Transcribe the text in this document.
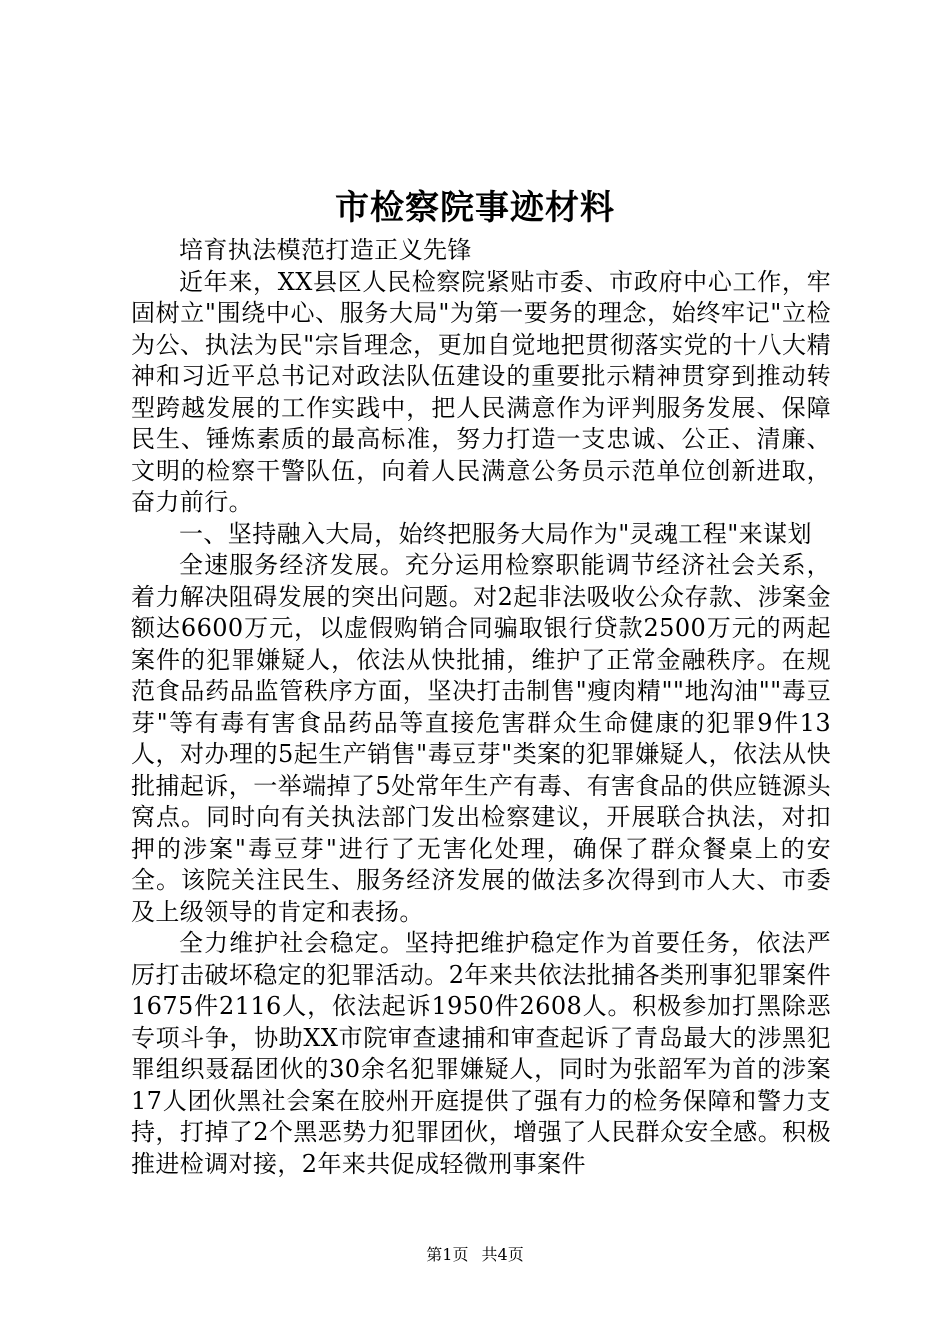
市检察院事迹材料

培育执法模范打造正义先锋

近年来，XX县区人民检察院紧贴市委、市政府中心工作，牢固树立"围绕中心、服务大局"为第一要务的理念，始终牢记"立检为公、执法为民"宗旨理念，更加自觉地把贯彻落实党的十八大精神和习近平总书记对政法队伍建设的重要批示精神贯穿到推动转型跨越发展的工作实践中，把人民满意作为评判服务发展、保障民生、锤炼素质的最高标准，努力打造一支忠诚、公正、清廉、文明的检察干警队伍，向着人民满意公务员示范单位创新进取，奋力前行。

一、坚持融入大局，始终把服务大局作为"灵魂工程"来谋划

全速服务经济发展。充分运用检察职能调节经济社会关系，着力解决阻碍发展的突出问题。对2起非法吸收公众存款、涉案金额达6600万元，以虚假购销合同骗取银行贷款2500万元的两起案件的犯罪嫌疑人，依法从快批捕，维护了正常金融秩序。在规范食品药品监管秩序方面，坚决打击制售"瘦肉精""地沟油""毒豆芽"等有毒有害食品药品等直接危害群众生命健康的犯罪9件13人，对办理的5起生产销售"毒豆芽"类案的犯罪嫌疑人，依法从快批捕起诉，一举端掉了5处常年生产有毒、有害食品的供应链源头窝点。同时向有关执法部门发出检察建议，开展联合执法，对扣押的涉案"毒豆芽"进行了无害化处理，确保了群众餐桌上的安全。该院关注民生、服务经济发展的做法多次得到市人大、市委及上级领导的肯定和表扬。

全力维护社会稳定。坚持把维护稳定作为首要任务，依法严厉打击破坏稳定的犯罪活动。2年来共依法批捕各类刑事犯罪案件1675件2116人，依法起诉1950件2608人。积极参加打黑除恶专项斗争，协助XX市院审查逮捕和审查起诉了青岛最大的涉黑犯罪组织聂磊团伙的30余名犯罪嫌疑人，同时为张韶军为首的涉案17人团伙黑社会案在胶州开庭提供了强有力的检务保障和警力支持，打掉了2个黑恶势力犯罪团伙，增强了人民群众安全感。积极推进检调对接，2年来共促成轻微刑事案件

第1页 共4页
